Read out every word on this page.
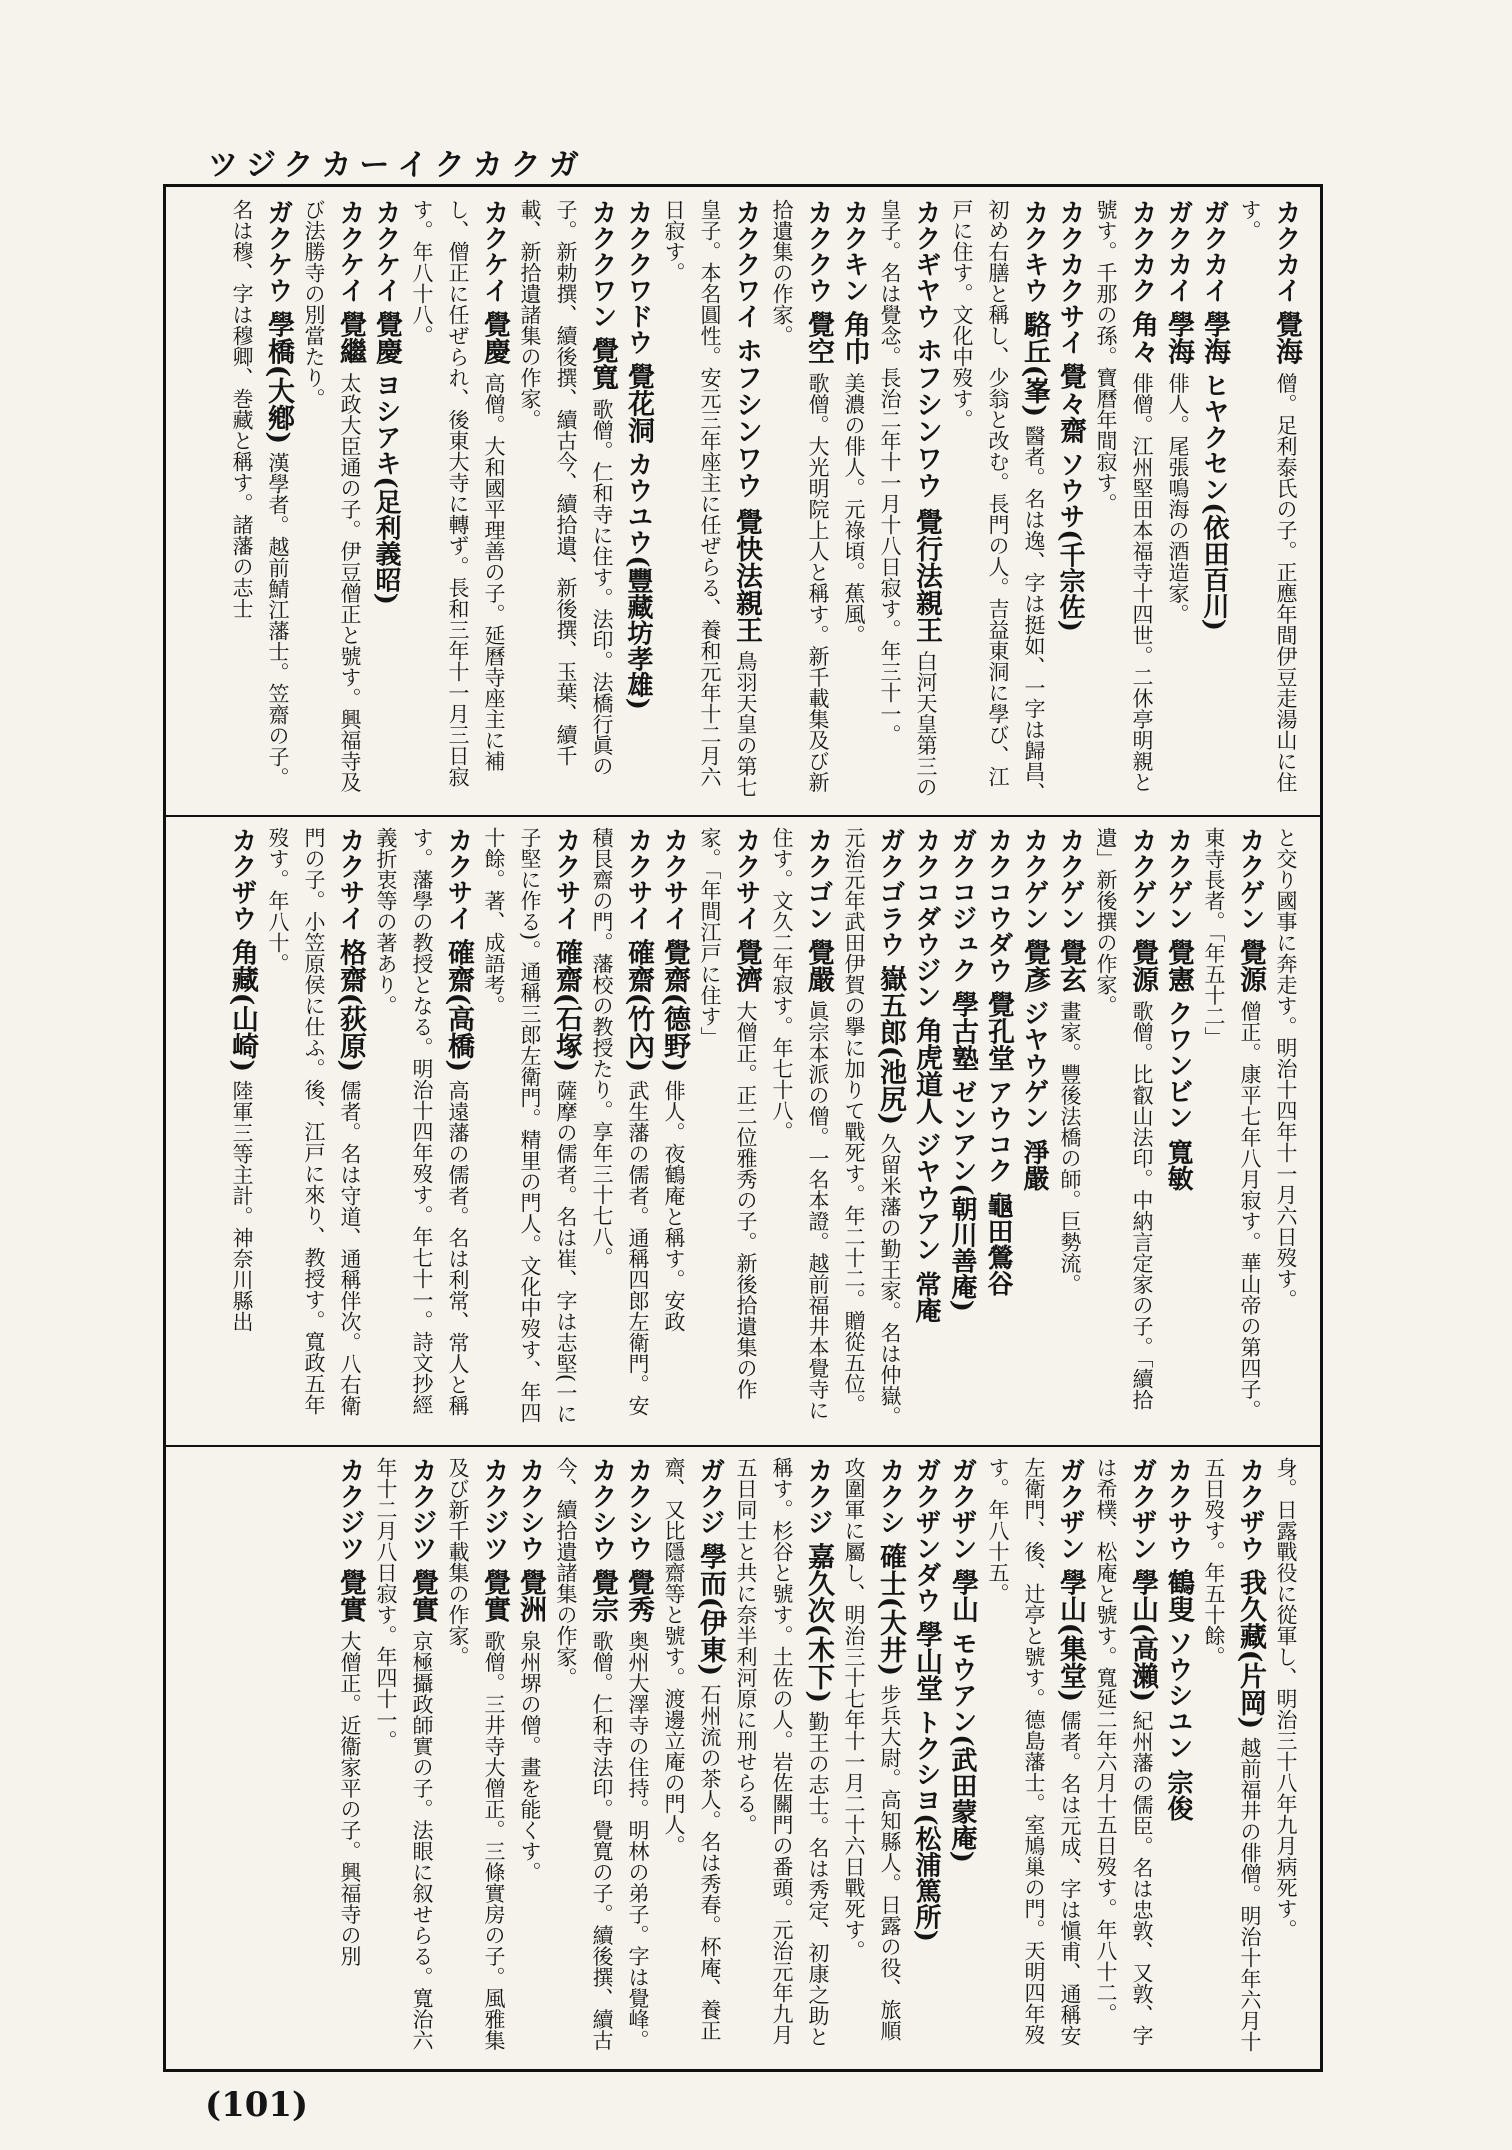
ツジクカーイクカクガ

カクカイ 覺海 僧。足利泰氏の子。正應年間伊豆走湯山に住す。

ガクカイ 學海 ヒヤクセン(依田百川)

ガクカイ 學海 俳人。尾張鳴海の酒造家。

カクカク 角々 俳僧。江州堅田本福寺十四世。二休亭明親と號す。千那の孫。寶曆年間寂す。

カクカクサイ 覺々齋 ソウサ(千宗佐)

カクキウ 駱丘(峯) 醫者。名は逸、字は挺如、一字は歸昌、初め右膳と稱し、少翁と改む。長門の人。吉益東洞に學び、江戸に住す。文化中歿す。

カクギヤウ ホフシンワウ 覺行法親王 白河天皇第三の皇子。名は覺念。長治二年十一月十八日寂す。年三十一。

カクキン 角巾 美濃の俳人。元祿頃。蕉風。

カククウ 覺空 歌僧。大光明院上人と稱す。新千載集及び新拾遺集の作家。

カククワイ ホフシンワウ 覺快法親王 鳥羽天皇の第七皇子。本名圓性。安元三年座主に任ぜらる、養和元年十二月六日寂す。

カククワドウ 覺花洞 カウユウ(豐藏坊孝雄)

カククワン 覺寬 歌僧。仁和寺に住す。法印。法橋行眞の子。新勅撰、續後撰、續古今、續拾遺、新後撰、玉葉、續千載、新拾遺諸集の作家。

カクケイ 覺慶 高僧。大和國平理善の子。延曆寺座主に補し、僧正に任ぜられ、後東大寺に轉ず。長和三年十一月三日寂す。年八十八。

カクケイ 覺慶 ヨシアキ(足利義昭)

カクケイ 覺繼 太政大臣通の子。伊豆僧正と號す。興福寺及び法勝寺の別當たり。

ガクケウ 學橋(大鄕) 漢學者。越前鯖江藩士。笠齋の子。名は穆、字は穆卿、巻藏と稱す。諸藩の志士

と交り國事に奔走す。明治十四年十一月六日歿す。

カクゲン 覺源 僧正。康平七年八月寂す。華山帝の第四子。東寺長者。「年五十二」

カクゲン 覺憲 クワンビン 寬敏

カクゲン 覺源 歌僧。比叡山法印。中納言定家の子。「續拾遺」新後撰の作家。

カクゲン 覺玄 畫家。豐後法橋の師。巨勢流。

カクゲン 覺彥 ジヤウゲン 淨嚴

カクコウダウ 覺孔堂 アウコク 龜田鶯谷

ガクコジュク 學古塾 ゼンアン(朝川善庵)

カクコダウジン 角虎道人 ジヤウアン 常庵

ガクゴラウ 嶽五郎(池尻) 久留米藩の勤王家。名は仲嶽。元治元年武田伊賀の擧に加りて戰死す。年二十二。贈從五位。

カクゴン 覺嚴 眞宗本派の僧。一名本證。越前福井本覺寺に住す。文久二年寂す。年七十八。

カクサイ 覺濟 大僧正。正二位雅秀の子。新後拾遺集の作家。「年間江戸に住す」

カクサイ 覺齋(德野) 俳人。夜鶴庵と稱す。安政

カクサイ 確齋(竹內) 武生藩の儒者。通稱四郎左衛門。安積艮齋の門。藩校の教授たり。享年三十七八。

カクサイ 確齋(石塚) 薩摩の儒者。名は崔、字は志堅(一に子堅に作る)。通稱三郎左衛門。精里の門人。文化中歿す、年四十餘。著、成語考。

カクサイ 確齋(高橋) 高遠藩の儒者。名は利常、常人と稱す。藩學の教授となる。明治十四年歿す。年七十一。詩文抄經義折衷等の著あり。

カクサイ 格齋(荻原) 儒者。名は守道、通稱伴次。八右衛門の子。小笠原侯に仕ふ。後、江戸に來り、教授す。寬政五年歿す。年八十。

カクザウ 角藏(山崎) 陸軍三等主計。神奈川縣出

身。日露戰役に從軍し、明治三十八年九月病死す。

カクザウ 我久藏(片岡) 越前福井の俳僧。明治十年六月十五日歿す。年五十餘。

カクサウ 鶴叟 ソウシユン 宗俊

ガクザン 學山(高瀨) 紀州藩の儒臣。名は忠敦、又敦、字は希樸、松庵と號す。寬延二年六月十五日歿す。年八十二。

ガクザン 學山(集堂) 儒者。名は元成、字は愼甫、通稱安左衛門、後、辻亭と號す。德島藩士。室鳩巢の門。天明四年歿す。年八十五。

ガクザン 學山 モウアン(武田蒙庵)

ガクザンダウ 學山堂 トクシヨ(松浦篤所)

カクシ 確士(大井) 步兵大尉。高知縣人。日露の役、旅順攻圍軍に屬し、明治三十七年十一月二十六日戰死す。

カクジ 嘉久次(木下) 勤王の志士。名は秀定、初康之助と稱す。杉谷と號す。土佐の人。岩佐關門の番頭。元治元年九月五日同士と共に奈半利河原に刑せらる。

ガクジ 學而(伊東) 石州流の茶人。名は秀春。杯庵、養正齋、又比隱齋等と號す。渡邊立庵の門人。

カクシウ 覺秀 奥州大澤寺の住持。明林の弟子。字は覺峰。

カクシウ 覺宗 歌僧。仁和寺法印。覺寬の子。續後撰、續古今、續拾遺諸集の作家。

カクシウ 覺洲 泉州堺の僧。畫を能くす。

カクジツ 覺實 歌僧。三井寺大僧正。三條實房の子。風雅集及び新千載集の作家。

カクジツ 覺實 京極攝政師實の子。法眼に叙せらる。寬治六年十二月八日寂す。年四十一。

カクジツ 覺實 大僧正。近衞家平の子。興福寺の別

(101)
